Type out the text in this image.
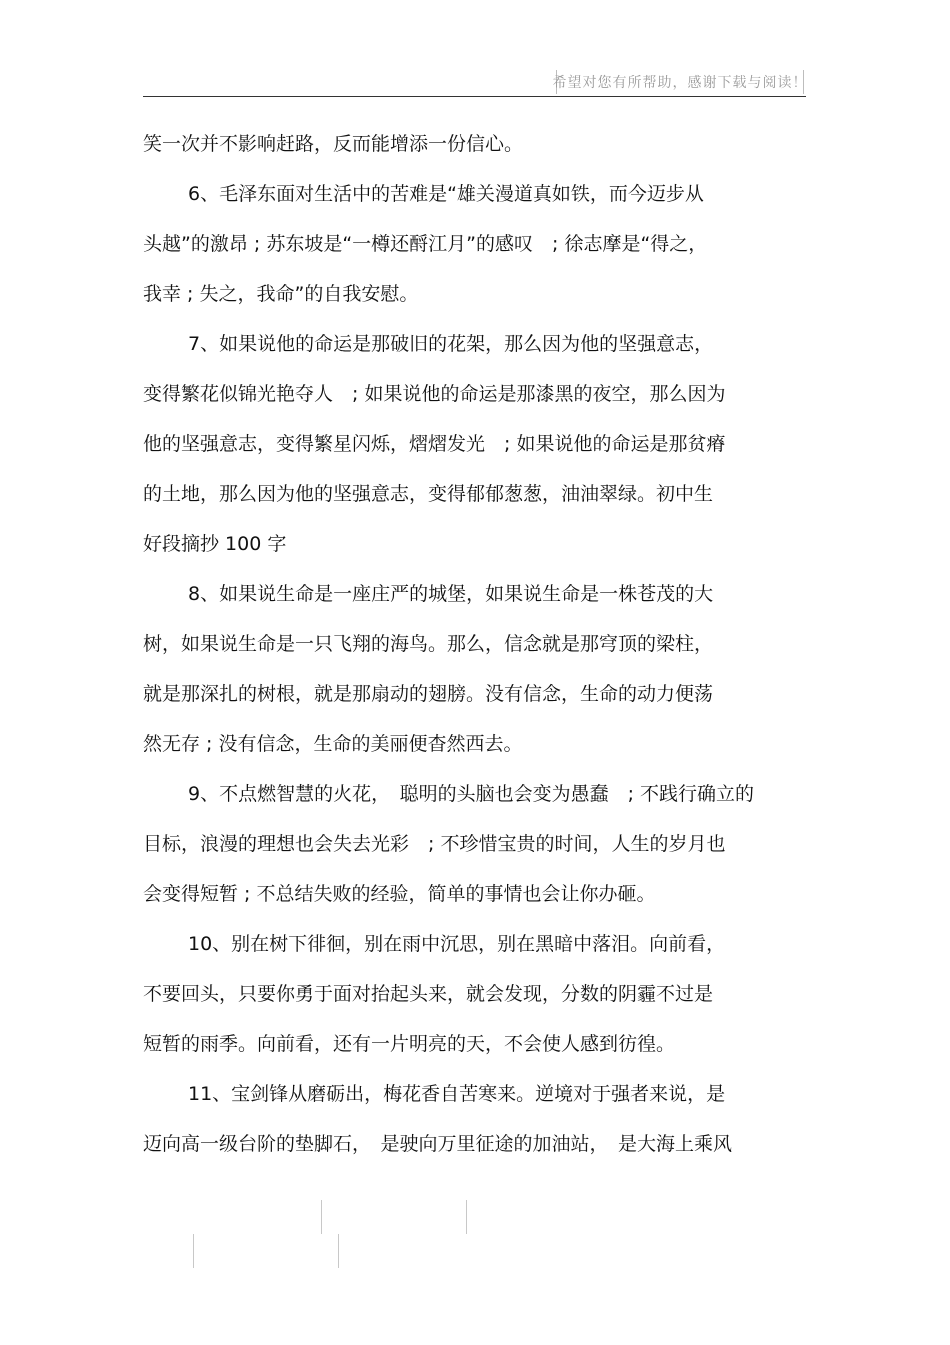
希望对您有所帮助，感谢下载与阅读！
笑一次并不影响赶路，反而能增添一份信心。
6、毛泽东面对生活中的苦难是“雄关漫道真如铁，而今迈步从
头越”的激昂 ; 苏东坡是“一樽还酹江月”的感叹　; 徐志摩是“得之，
我幸 ; 失之，我命”的自我安慰。
7、如果说他的命运是那破旧的花架，那么因为他的坚强意志，
变得繁花似锦光艳夺人　; 如果说他的命运是那漆黑的夜空，那么因为
他的坚强意志，变得繁星闪烁，熠熠发光　; 如果说他的命运是那贫瘠
的土地，那么因为他的坚强意志，变得郁郁葱葱，油油翠绿。初中生
好段摘抄 100 字
8、如果说生命是一座庄严的城堡，如果说生命是一株苍茂的大
树，如果说生命是一只飞翔的海鸟。那么，信念就是那穹顶的梁柱，
就是那深扎的树根，就是那扇动的翅膀。没有信念，生命的动力便荡
然无存 ; 没有信念，生命的美丽便杳然西去。
9、不点燃智慧的火花，　聪明的头脑也会变为愚蠢　; 不践行确立的
目标，浪漫的理想也会失去光彩　; 不珍惜宝贵的时间，人生的岁月也
会变得短暂 ; 不总结失败的经验，简单的事情也会让你办砸。
10、别在树下徘徊，别在雨中沉思，别在黑暗中落泪。向前看，
不要回头，只要你勇于面对抬起头来，就会发现，分数的阴霾不过是
短暂的雨季。向前看，还有一片明亮的天，不会使人感到彷徨。
11、宝剑锋从磨砺出，梅花香自苦寒来。逆境对于强者来说，是
迈向高一级台阶的垫脚石，　是驶向万里征途的加油站，　是大海上乘风
